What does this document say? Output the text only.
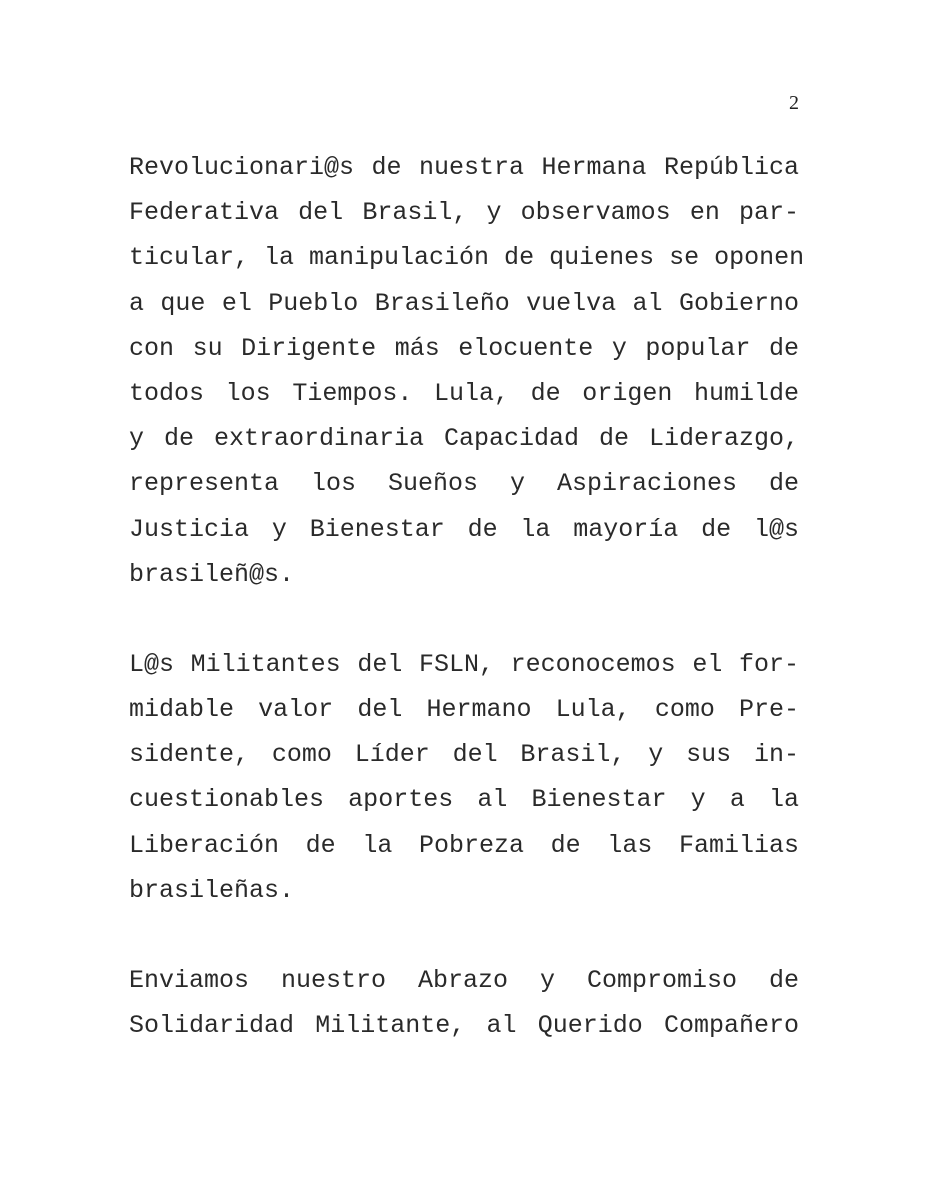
2
Revolucionari@s de nuestra Hermana República
Federativa del Brasil, y observamos en par-
ticular, la manipulación de quienes se oponen
a que el Pueblo Brasileño vuelva al Gobierno
con su Dirigente más elocuente y popular de
todos los Tiempos. Lula, de origen humilde
y de extraordinaria Capacidad de Liderazgo,
representa los Sueños y Aspiraciones de
Justicia y Bienestar de la mayoría de l@s
brasileñ@s.
L@s Militantes del FSLN, reconocemos el for-
midable valor del Hermano Lula, como Pre-
sidente, como Líder del Brasil, y sus in-
cuestionables aportes al Bienestar y a la
Liberación de la Pobreza de las Familias
brasileñas.
Enviamos nuestro Abrazo y Compromiso de
Solidaridad Militante, al Querido Compañero
